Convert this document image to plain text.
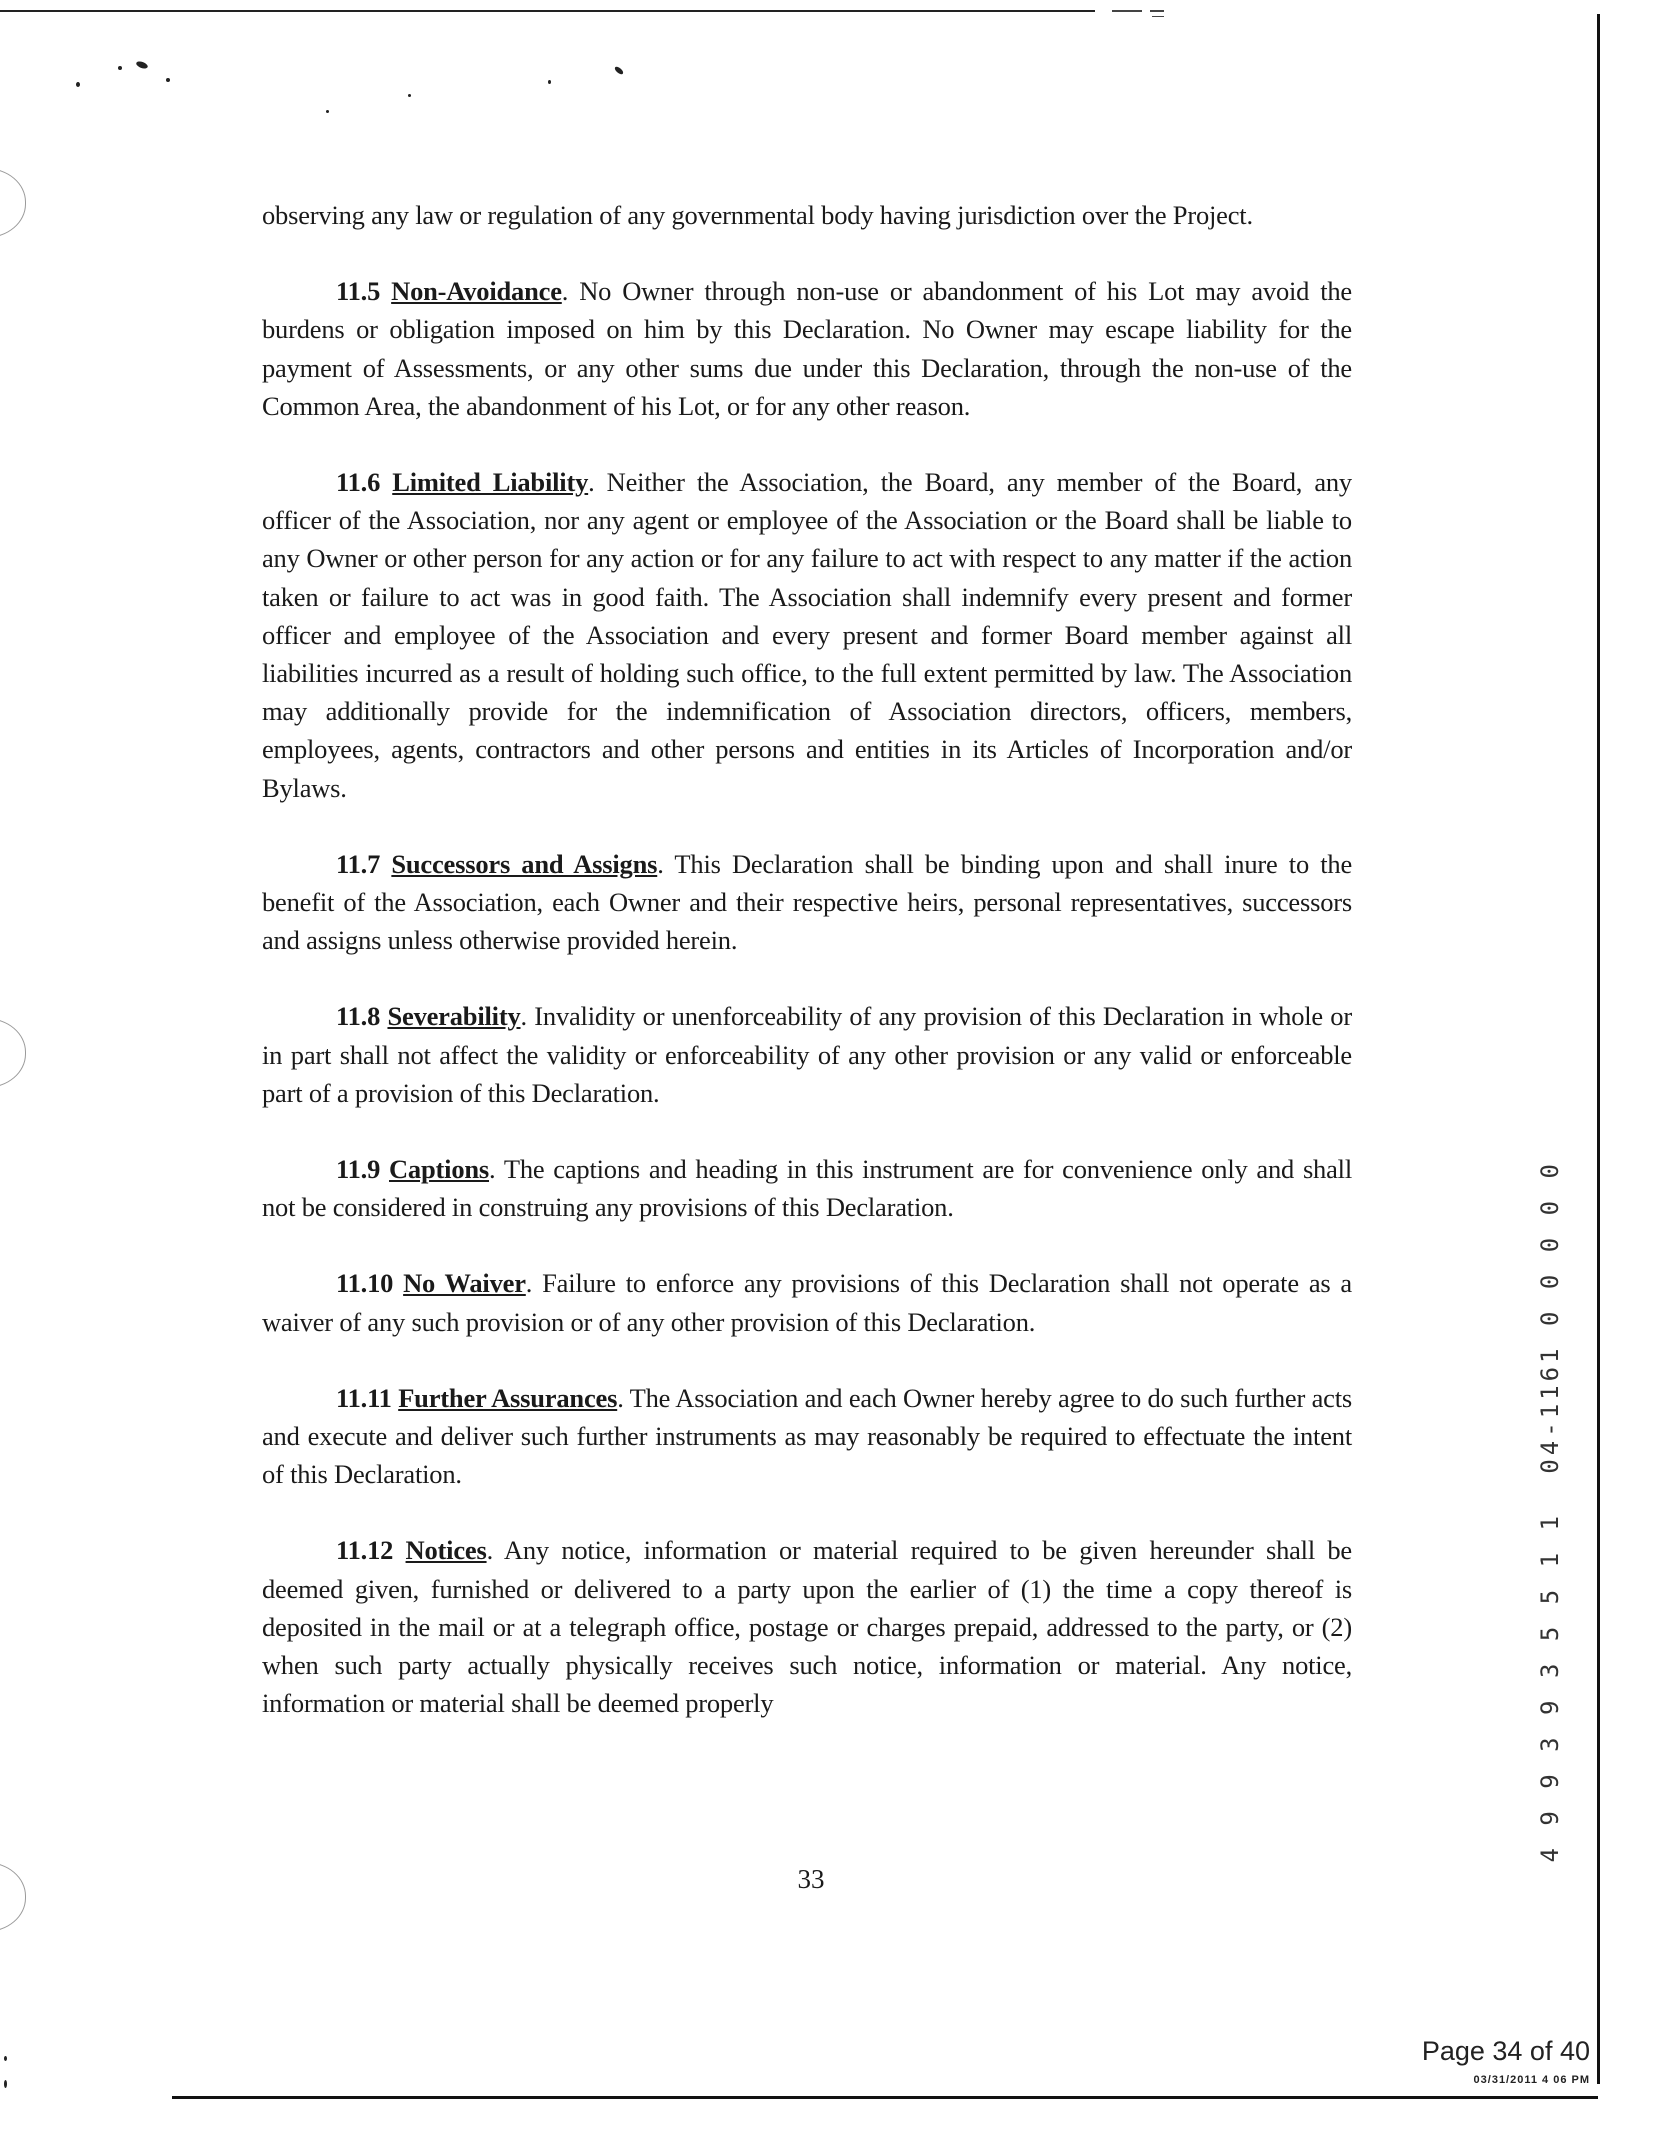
observing any law or regulation of any governmental body having jurisdiction over the Project.

11.5 Non-Avoidance. No Owner through non-use or abandonment of his Lot may avoid the burdens or obligation imposed on him by this Declaration. No Owner may escape liability for the payment of Assessments, or any other sums due under this Declaration, through the non-use of the Common Area, the abandonment of his Lot, or for any other reason.

11.6 Limited Liability. Neither the Association, the Board, any member of the Board, any officer of the Association, nor any agent or employee of the Association or the Board shall be liable to any Owner or other person for any action or for any failure to act with respect to any matter if the action taken or failure to act was in good faith. The Association shall indemnify every present and former officer and employee of the Association and every present and former Board member against all liabilities incurred as a result of holding such office, to the full extent permitted by law. The Association may additionally provide for the indemnification of Association directors, officers, members, employees, agents, contractors and other persons and entities in its Articles of Incorporation and/or Bylaws.

11.7 Successors and Assigns. This Declaration shall be binding upon and shall inure to the benefit of the Association, each Owner and their respective heirs, personal representatives, successors and assigns unless otherwise provided herein.

11.8 Severability. Invalidity or unenforceability of any provision of this Declaration in whole or in part shall not affect the validity or enforceability of any other provision or any valid or enforceable part of a provision of this Declaration.

11.9 Captions. The captions and heading in this instrument are for convenience only and shall not be considered in construing any provisions of this Declaration.

11.10 No Waiver. Failure to enforce any provisions of this Declaration shall not operate as a waiver of any such provision or of any other provision of this Declaration.

11.11 Further Assurances. The Association and each Owner hereby agree to do such further acts and execute and deliver such further instruments as may reasonably be required to effectuate the intent of this Declaration.

11.12 Notices. Any notice, information or material required to be given hereunder shall be deemed given, furnished or delivered to a party upon the earlier of (1) the time a copy thereof is deposited in the mail or at a telegraph office, postage or charges prepaid, addressed to the party, or (2) when such party actually physically receives such notice, information or material. Any notice, information or material shall be deemed properly

33
04-1161 0 0 0 0 0
4 9 9 3 9 3 5 5 1 1
Page 34 of 40
03/31/2011 4 06 PM
